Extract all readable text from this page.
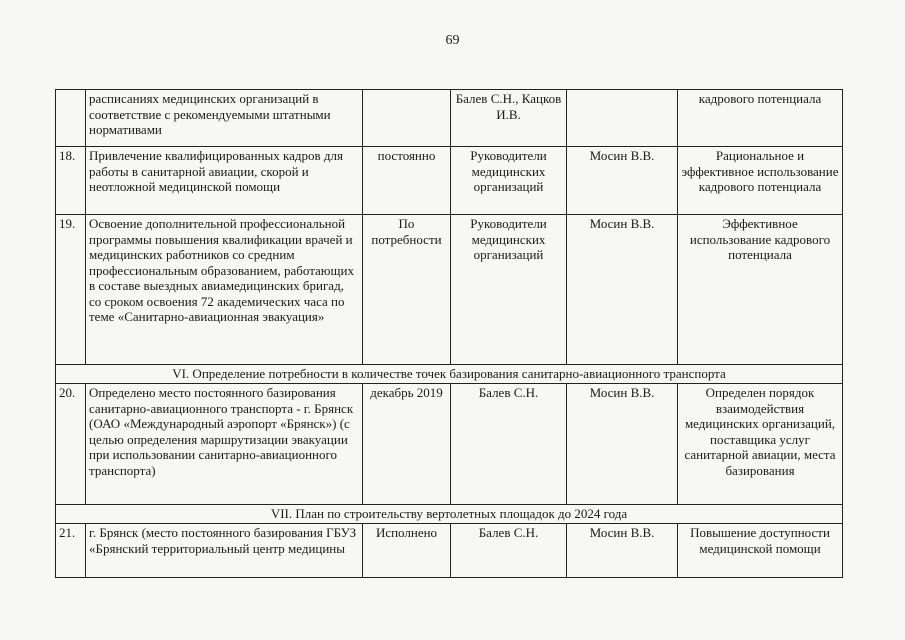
69
	расписаниях медицинских организаций в соответствие с рекомендуемыми штатными нормативами		Балев С.Н., Кацков И.В.		кадрового потенциала
18.	Привлечение квалифицированных кадров для работы в санитарной авиации, скорой и неотложной медицинской помощи	постоянно	Руководители медицинских организаций	Мосин В.В.	Рациональное и эффективное использование кадрового потенциала
19.	Освоение дополнительной профессиональной программы повышения квалификации врачей и медицинских работников со средним профессиональным образованием, работающих в составе выездных авиамедицинских бригад, со сроком освоения 72 академических часа по теме «Санитарно-авиационная эвакуация»	По потребности	Руководители медицинских организаций	Мосин В.В.	Эффективное использование кадрового потенциала
VI. Определение потребности в количестве точек базирования санитарно-авиационного транспорта					
20.	Определено место постоянного базирования санитарно-авиационного транспорта - г. Брянск (ОАО «Международный аэропорт «Брянск») (с целью определения маршрутизации эвакуации при использовании санитарно-авиационного транспорта)	декабрь 2019	Балев С.Н.	Мосин В.В.	Определен порядок взаимодействия медицинских организаций, поставщика услуг санитарной авиации, места базирования
VII. План по строительству вертолетных площадок до 2024 года					
21.	г. Брянск (место постоянного базирования ГБУЗ «Брянский территориальный центр медицины	Исполнено	Балев С.Н.	Мосин В.В.	Повышение доступности медицинской помощи
